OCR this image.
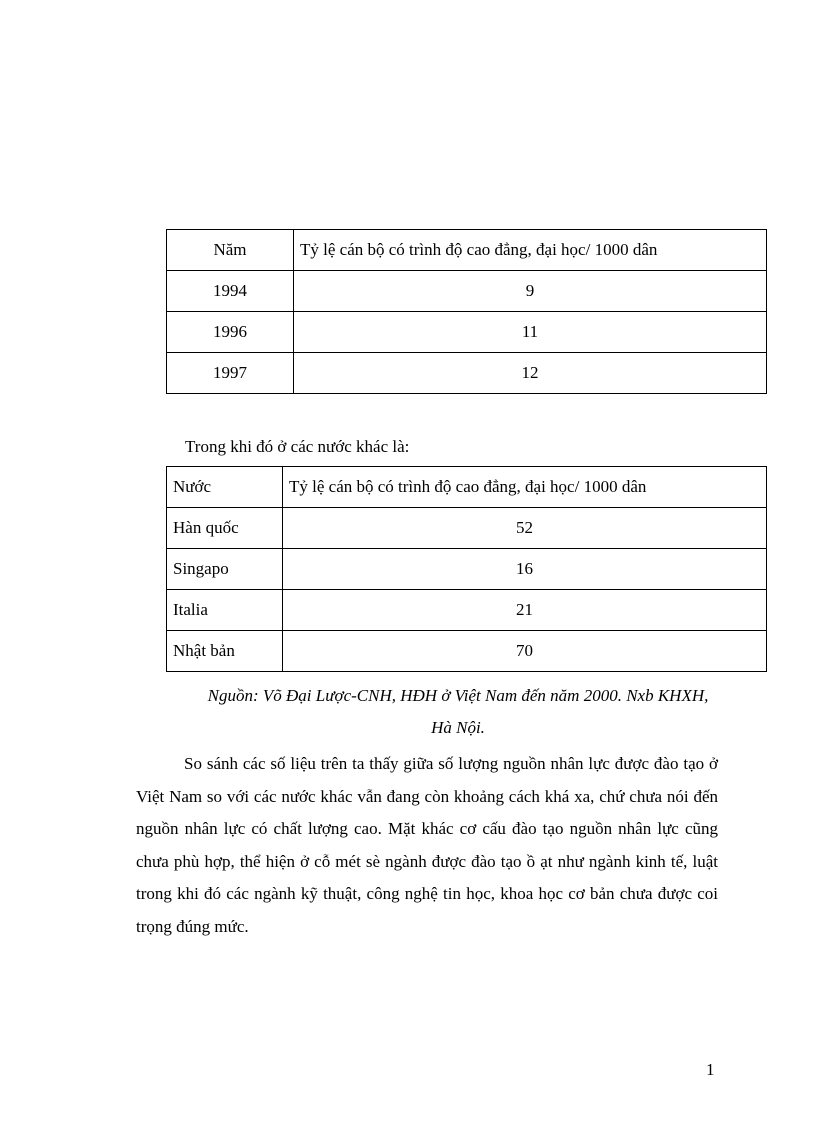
Năm	Tỷ lệ cán bộ có trình độ cao đẳng, đại học/ 1000 dân
1994	9
1996	11
1997	12

Trong khi đó ở các nước khác là:

Nước	Tỷ lệ cán bộ có trình độ cao đẳng, đại học/ 1000 dân
Hàn quốc	52
Singapo	16
Italia	21
Nhật bản	70

Nguồn: Võ Đại Lược-CNH, HĐH ở Việt Nam đến năm 2000. Nxb KHXH,
Hà Nội.

So sánh các số liệu trên ta thấy giữa số lượng nguồn nhân lực được đào tạo ở Việt Nam so với các nước khác vẫn đang còn khoảng cách khá xa, chứ chưa nói đến nguồn nhân lực có chất lượng cao. Mặt khác cơ cấu đào tạo nguồn nhân lực cũng chưa phù hợp, thể hiện ở cỗ mét sè ngành được đào tạo ồ ạt như ngành kinh tế, luật trong khi đó các ngành kỹ thuật, công nghệ tin học, khoa học cơ bản chưa được coi trọng đúng mức.

1
